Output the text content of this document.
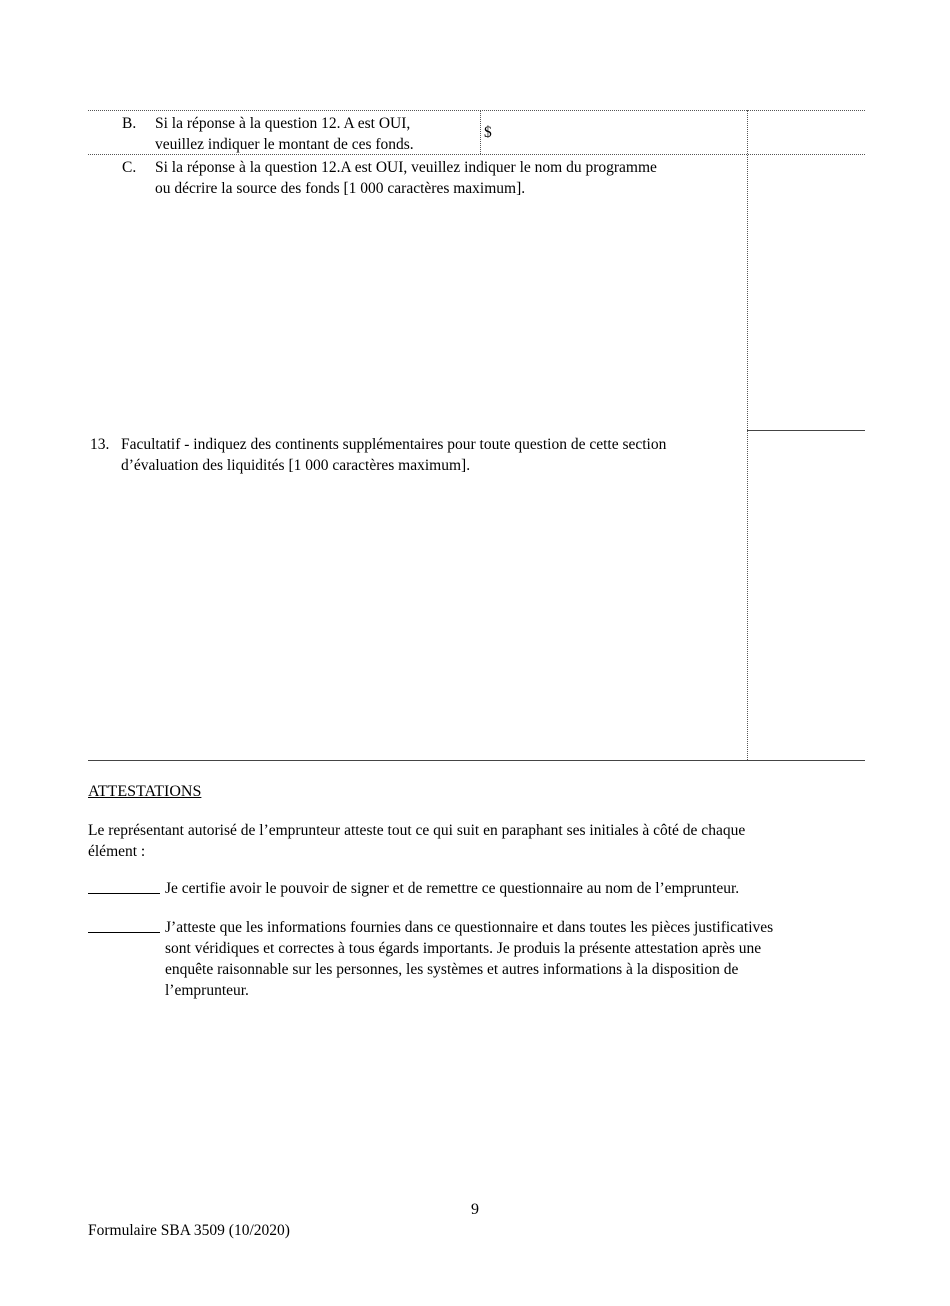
B. Si la réponse à la question 12. A est OUI,
veuillez indiquer le montant de ces fonds.
$
C. Si la réponse à la question 12.A est OUI, veuillez indiquer le nom du programme
ou décrire la source des fonds [1 000 caractères maximum].
13. Facultatif - indiquez des continents supplémentaires pour toute question de cette section
d’évaluation des liquidités [1 000 caractères maximum].
ATTESTATIONS
Le représentant autorisé de l’emprunteur atteste tout ce qui suit en paraphant ses initiales à côté de chaque
élément :
Je certifie avoir le pouvoir de signer et de remettre ce questionnaire au nom de l’emprunteur.
J’atteste que les informations fournies dans ce questionnaire et dans toutes les pièces justificatives
sont véridiques et correctes à tous égards importants. Je produis la présente attestation après une
enquête raisonnable sur les personnes, les systèmes et autres informations à la disposition de
l’emprunteur.
9
Formulaire SBA 3509 (10/2020)
